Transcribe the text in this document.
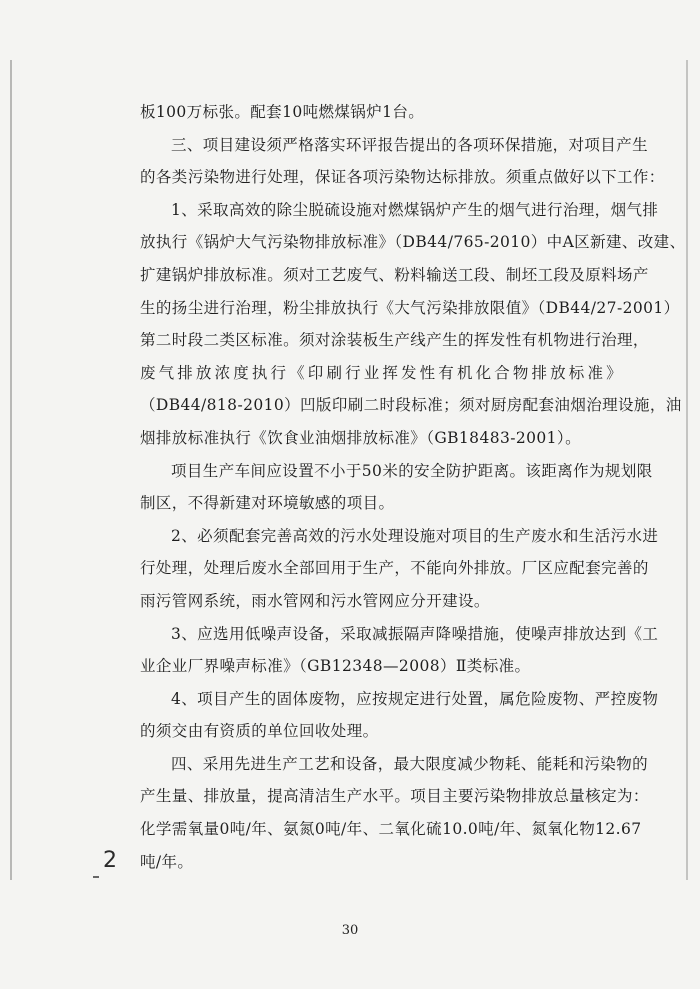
板100万标张。配套10吨燃煤锅炉1台。
三、项目建设须严格落实环评报告提出的各项环保措施，对项目产生
的各类污染物进行处理，保证各项污染物达标排放。须重点做好以下工作：
1、采取高效的除尘脱硫设施对燃煤锅炉产生的烟气进行治理，烟气排
放执行《锅炉大气污染物排放标准》（DB44/765-2010）中A区新建、改建、
扩建锅炉排放标准。须对工艺废气、粉料输送工段、制坯工段及原料场产
生的扬尘进行治理，粉尘排放执行《大气污染排放限值》（DB44/27-2001）
第二时段二类区标准。须对涂装板生产线产生的挥发性有机物进行治理，
废气排放浓度执行《印刷行业挥发性有机化合物排放标准》
（DB44/818-2010）凹版印刷二时段标准；须对厨房配套油烟治理设施，油
烟排放标准执行《饮食业油烟排放标准》（GB18483-2001）。
项目生产车间应设置不小于50米的安全防护距离。该距离作为规划限
制区，不得新建对环境敏感的项目。
2、必须配套完善高效的污水处理设施对项目的生产废水和生活污水进
行处理，处理后废水全部回用于生产，不能向外排放。厂区应配套完善的
雨污管网系统，雨水管网和污水管网应分开建设。
3、应选用低噪声设备，采取减振隔声降噪措施，使噪声排放达到《工
业企业厂界噪声标准》（GB12348—2008）Ⅱ类标准。
4、项目产生的固体废物，应按规定进行处置，属危险废物、严控废物
的须交由有资质的单位回收处理。
四、采用先进生产工艺和设备，最大限度减少物耗、能耗和污染物的
产生量、排放量，提高清洁生产水平。项目主要污染物排放总量核定为：
化学需氧量0吨/年、氨氮0吨/年、二氧化硫10.0吨/年、氮氧化物12.67
吨/年。
2
30
